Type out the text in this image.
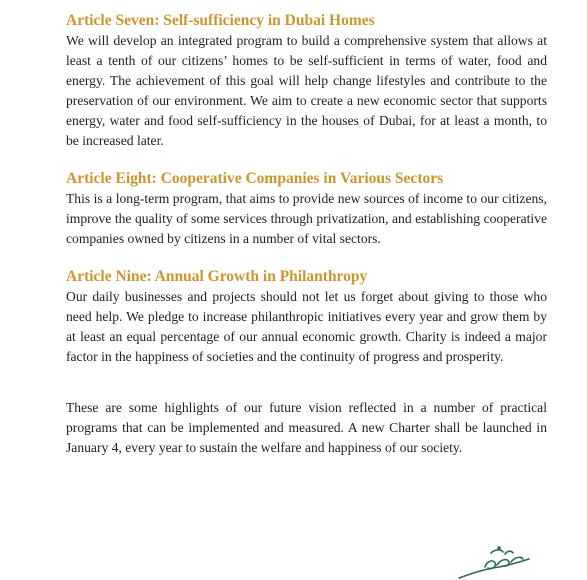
Article Seven: Self-sufficiency in Dubai Homes

We will develop an integrated program to build a comprehensive system that allows at least a tenth of our citizens’ homes to be self-sufficient in terms of water, food and energy. The achievement of this goal will help change lifestyles and contribute to the preservation of our environment. We aim to create a new economic sector that supports energy, water and food self-sufficiency in the houses of Dubai, for at least a month, to be increased later.

Article Eight: Cooperative Companies in Various Sectors

This is a long-term program, that aims to provide new sources of income to our citizens, improve the quality of some services through privatization, and establishing cooperative companies owned by citizens in a number of vital sectors.

Article Nine: Annual Growth in Philanthropy

Our daily businesses and projects should not let us forget about giving to those who need help. We pledge to increase philanthropic initiatives every year and grow them by at least an equal percentage of our annual economic growth. Charity is indeed a major factor in the happiness of societies and the continuity of progress and prosperity.

These are some highlights of our future vision reflected in a number of practical programs that can be implemented and measured. A new Charter shall be launched in January 4, every year to sustain the welfare and happiness of our society.
